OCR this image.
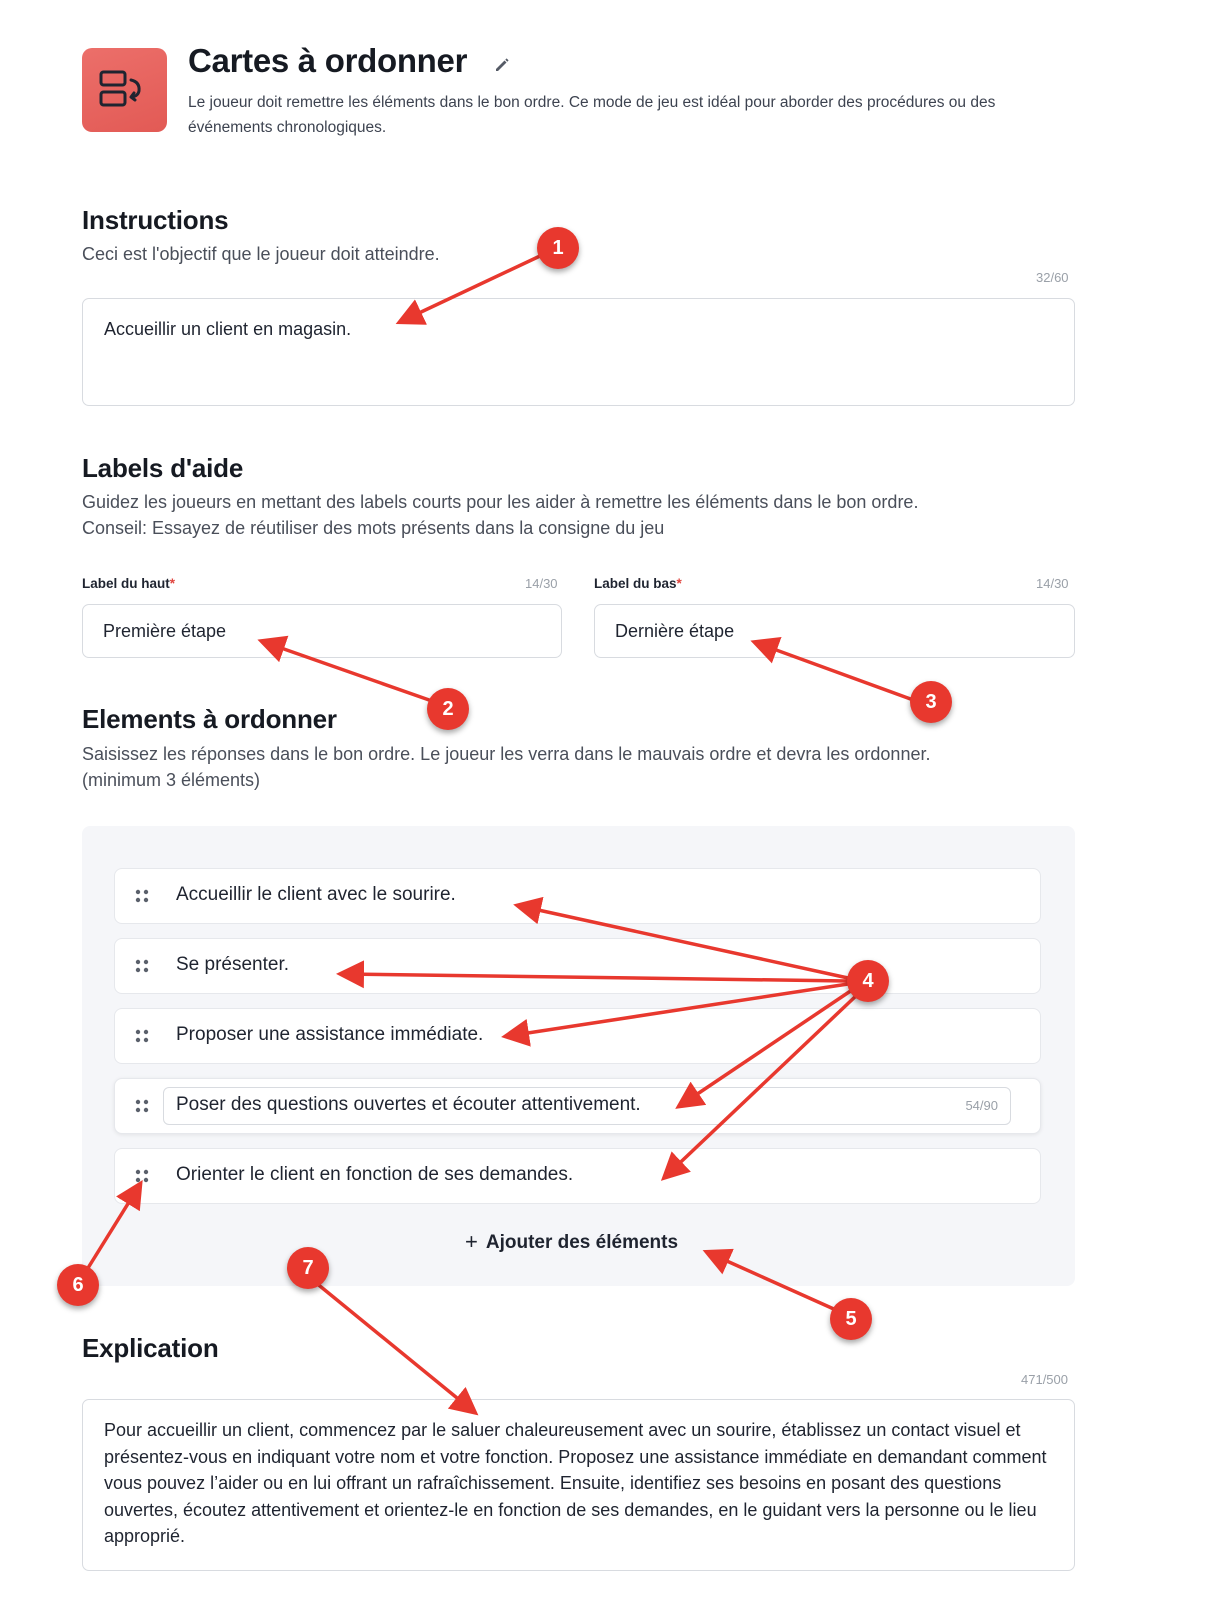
Cartes à ordonner
Le joueur doit remettre les éléments dans le bon ordre. Ce mode de jeu est idéal pour aborder des procédures ou des événements chronologiques.
Instructions
Ceci est l'objectif que le joueur doit atteindre.
32/60
Accueillir un client en magasin.
Labels d'aide
Guidez les joueurs en mettant des labels courts pour les aider à remettre les éléments dans le bon ordre.
Conseil: Essayez de réutiliser des mots présents dans la consigne du jeu
Label du haut*	14/30
Première étape
Label du bas*	14/30
Dernière étape
Elements à ordonner
Saisissez les réponses dans le bon ordre. Le joueur les verra dans le mauvais ordre et devra les ordonner.
(minimum 3 éléments)
Accueillir le client avec le sourire.
Se présenter.
Proposer une assistance immédiate.
Poser des questions ouvertes et écouter attentivement.	54/90
Orienter le client en fonction de ses demandes.
+ Ajouter des éléments
Explication
471/500
Pour accueillir un client, commencez par le saluer chaleureusement avec un sourire, établissez un contact visuel et présentez-vous en indiquant votre nom et votre fonction. Proposez une assistance immédiate en demandant comment vous pouvez l’aider ou en lui offrant un rafraîchissement. Ensuite, identifiez ses besoins en posant des questions ouvertes, écoutez attentivement et orientez-le en fonction de ses demandes, en le guidant vers la personne ou le lieu approprié.
1
2	3
4
5
6
7
